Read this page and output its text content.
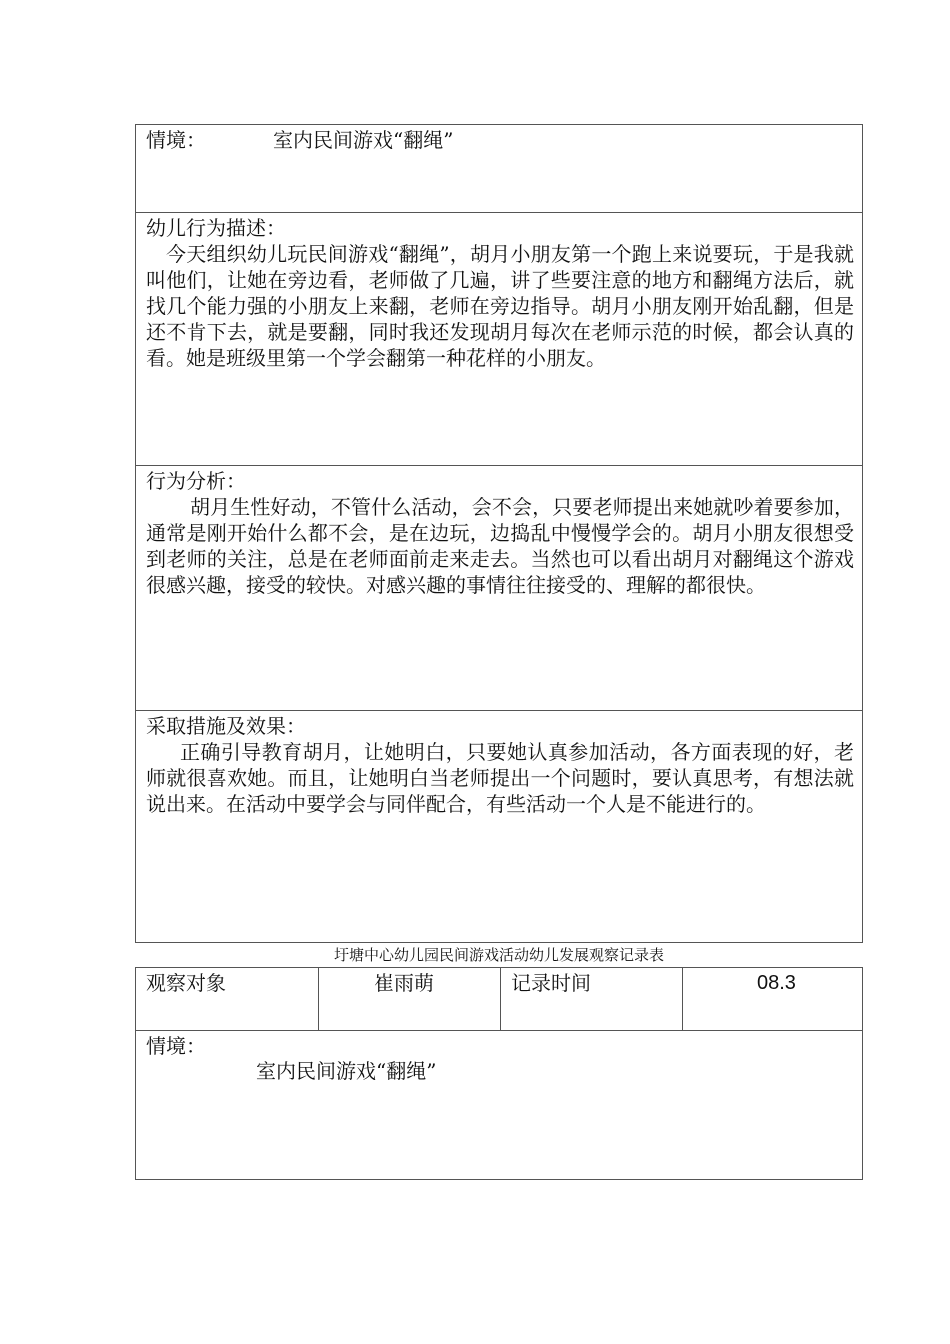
情境：	室内民间游戏“翻绳”
幼儿行为描述：
今天组织幼儿玩民间游戏“翻绳”，胡月小朋友第一个跑上来说要玩，于是我就叫他们，让她在旁边看，老师做了几遍，讲了些要注意的地方和翻绳方法后，就找几个能力强的小朋友上来翻，老师在旁边指导。胡月小朋友刚开始乱翻，但是还不肯下去，就是要翻，同时我还发现胡月每次在老师示范的时候，都会认真的看。她是班级里第一个学会翻第一种花样的小朋友。
行为分析：
胡月生性好动，不管什么活动，会不会，只要老师提出来她就吵着要参加，通常是刚开始什么都不会，是在边玩，边捣乱中慢慢学会的。胡月小朋友很想受到老师的关注，总是在老师面前走来走去。当然也可以看出胡月对翻绳这个游戏很感兴趣，接受的较快。对感兴趣的事情往往接受的、理解的都很快。
采取措施及效果：
正确引导教育胡月，让她明白，只要她认真参加活动，各方面表现的好，老师就很喜欢她。而且，让她明白当老师提出一个问题时，要认真思考，有想法就说出来。在活动中要学会与同伴配合，有些活动一个人是不能进行的。
圩塘中心幼儿园民间游戏活动幼儿发展观察记录表
观察对象	崔雨萌	记录时间	08.3
情境：
室内民间游戏“翻绳”
